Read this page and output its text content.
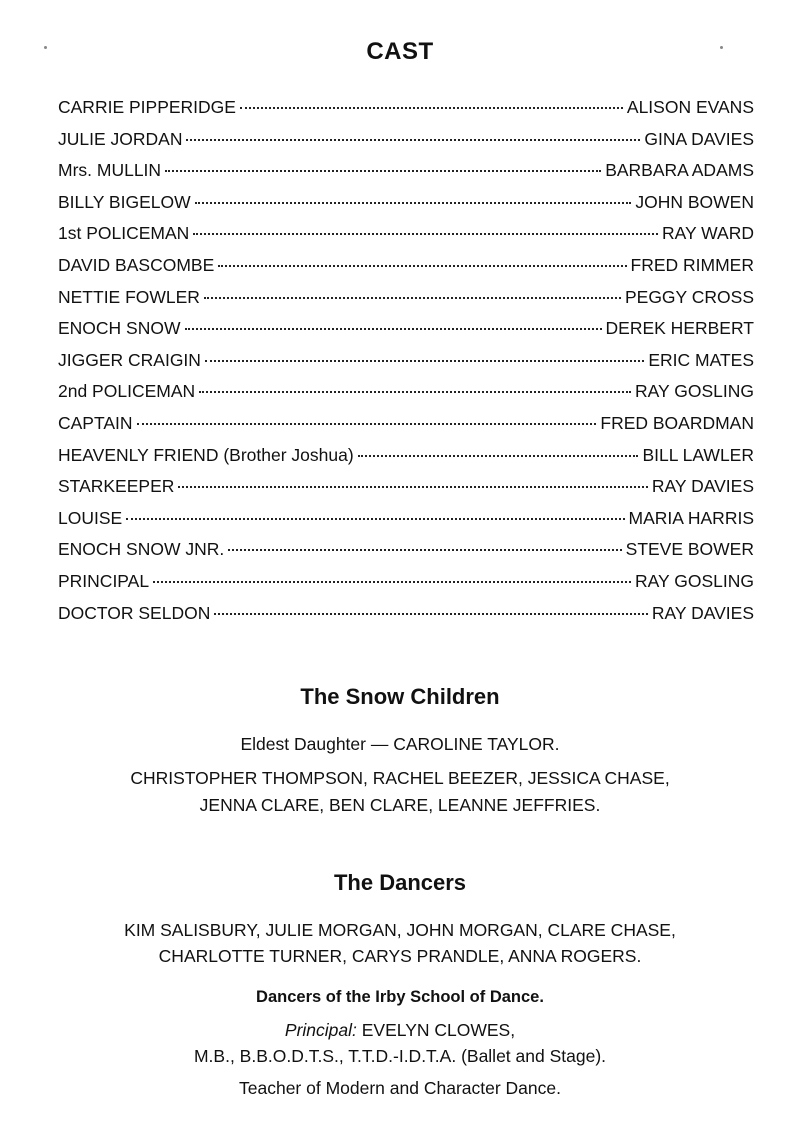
CAST
CARRIE PIPPERIDGE	ALISON EVANS
JULIE JORDAN	GINA DAVIES
Mrs. MULLIN	BARBARA ADAMS
BILLY BIGELOW	JOHN BOWEN
1st POLICEMAN	RAY WARD
DAVID BASCOMBE	FRED RIMMER
NETTIE FOWLER	PEGGY CROSS
ENOCH SNOW	DEREK HERBERT
JIGGER CRAIGIN	ERIC MATES
2nd POLICEMAN	RAY GOSLING
CAPTAIN	FRED BOARDMAN
HEAVENLY FRIEND (Brother Joshua)	BILL LAWLER
STARKEEPER	RAY DAVIES
LOUISE	MARIA HARRIS
ENOCH SNOW JNR.	STEVE BOWER
PRINCIPAL	RAY GOSLING
DOCTOR SELDON	RAY DAVIES
The Snow Children
Eldest Daughter — CAROLINE TAYLOR.
CHRISTOPHER THOMPSON, RACHEL BEEZER, JESSICA CHASE,
JENNA CLARE, BEN CLARE, LEANNE JEFFRIES.
The Dancers
KIM SALISBURY, JULIE MORGAN, JOHN MORGAN, CLARE CHASE,
CHARLOTTE TURNER, CARYS PRANDLE, ANNA ROGERS.
Dancers of the Irby School of Dance.
Principal: EVELYN CLOWES,
M.B., B.B.O.D.T.S., T.T.D.-I.D.T.A. (Ballet and Stage).
Teacher of Modern and Character Dance.
